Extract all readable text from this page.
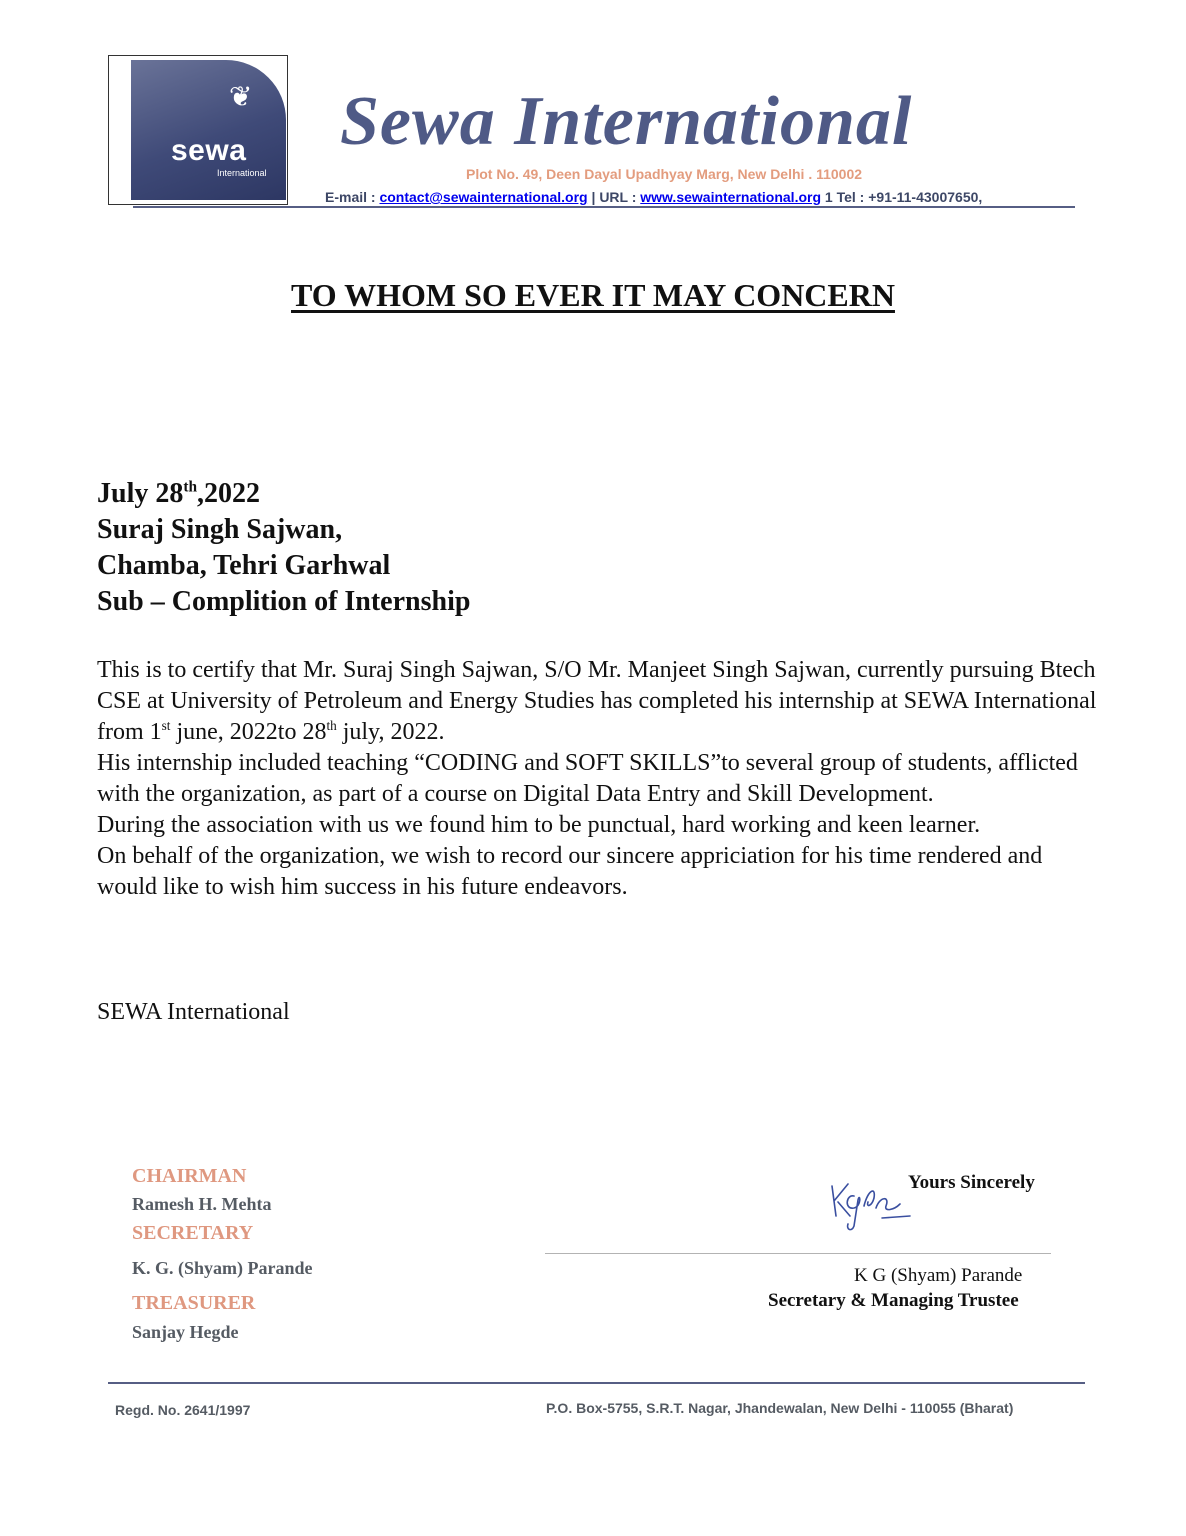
❦
sewa
International
Sewa International
Plot No. 49, Deen Dayal Upadhyay Marg, New Delhi . 110002
E-mail : contact@sewainternational.org | URL : www.sewainternational.org 1 Tel : +91-11-43007650,
TO WHOM SO EVER IT MAY CONCERN
July 28th,2022
Suraj Singh Sajwan,
Chamba, Tehri Garhwal
Sub – Complition of Internship

This is to certify that Mr. Suraj Singh Sajwan, S/O Mr. Manjeet Singh Sajwan, currently pursuing Btech CSE at University of Petroleum and Energy Studies has completed his internship at SEWA International from 1st june, 2022to 28th july, 2022.

His internship included teaching “CODING and SOFT SKILLS”to several group of students, afflicted with the organization, as part of a course on Digital Data Entry and Skill Development.

During the association with us we found him to be punctual, hard working and keen learner.

On behalf of the organization, we wish to record our sincere appriciation for his time rendered and would like to wish him success in his future endeavors.

SEWA International
CHAIRMAN
Ramesh H. Mehta
SECRETARY
K. G. (Shyam) Parande
TREASURER
Sanjay Hegde
Yours Sincerely
K G (Shyam) Parande
Secretary & Managing Trustee
Regd. No. 2641/1997	P.O. Box-5755, S.R.T. Nagar, Jhandewalan, New Delhi - 110055 (Bharat)
